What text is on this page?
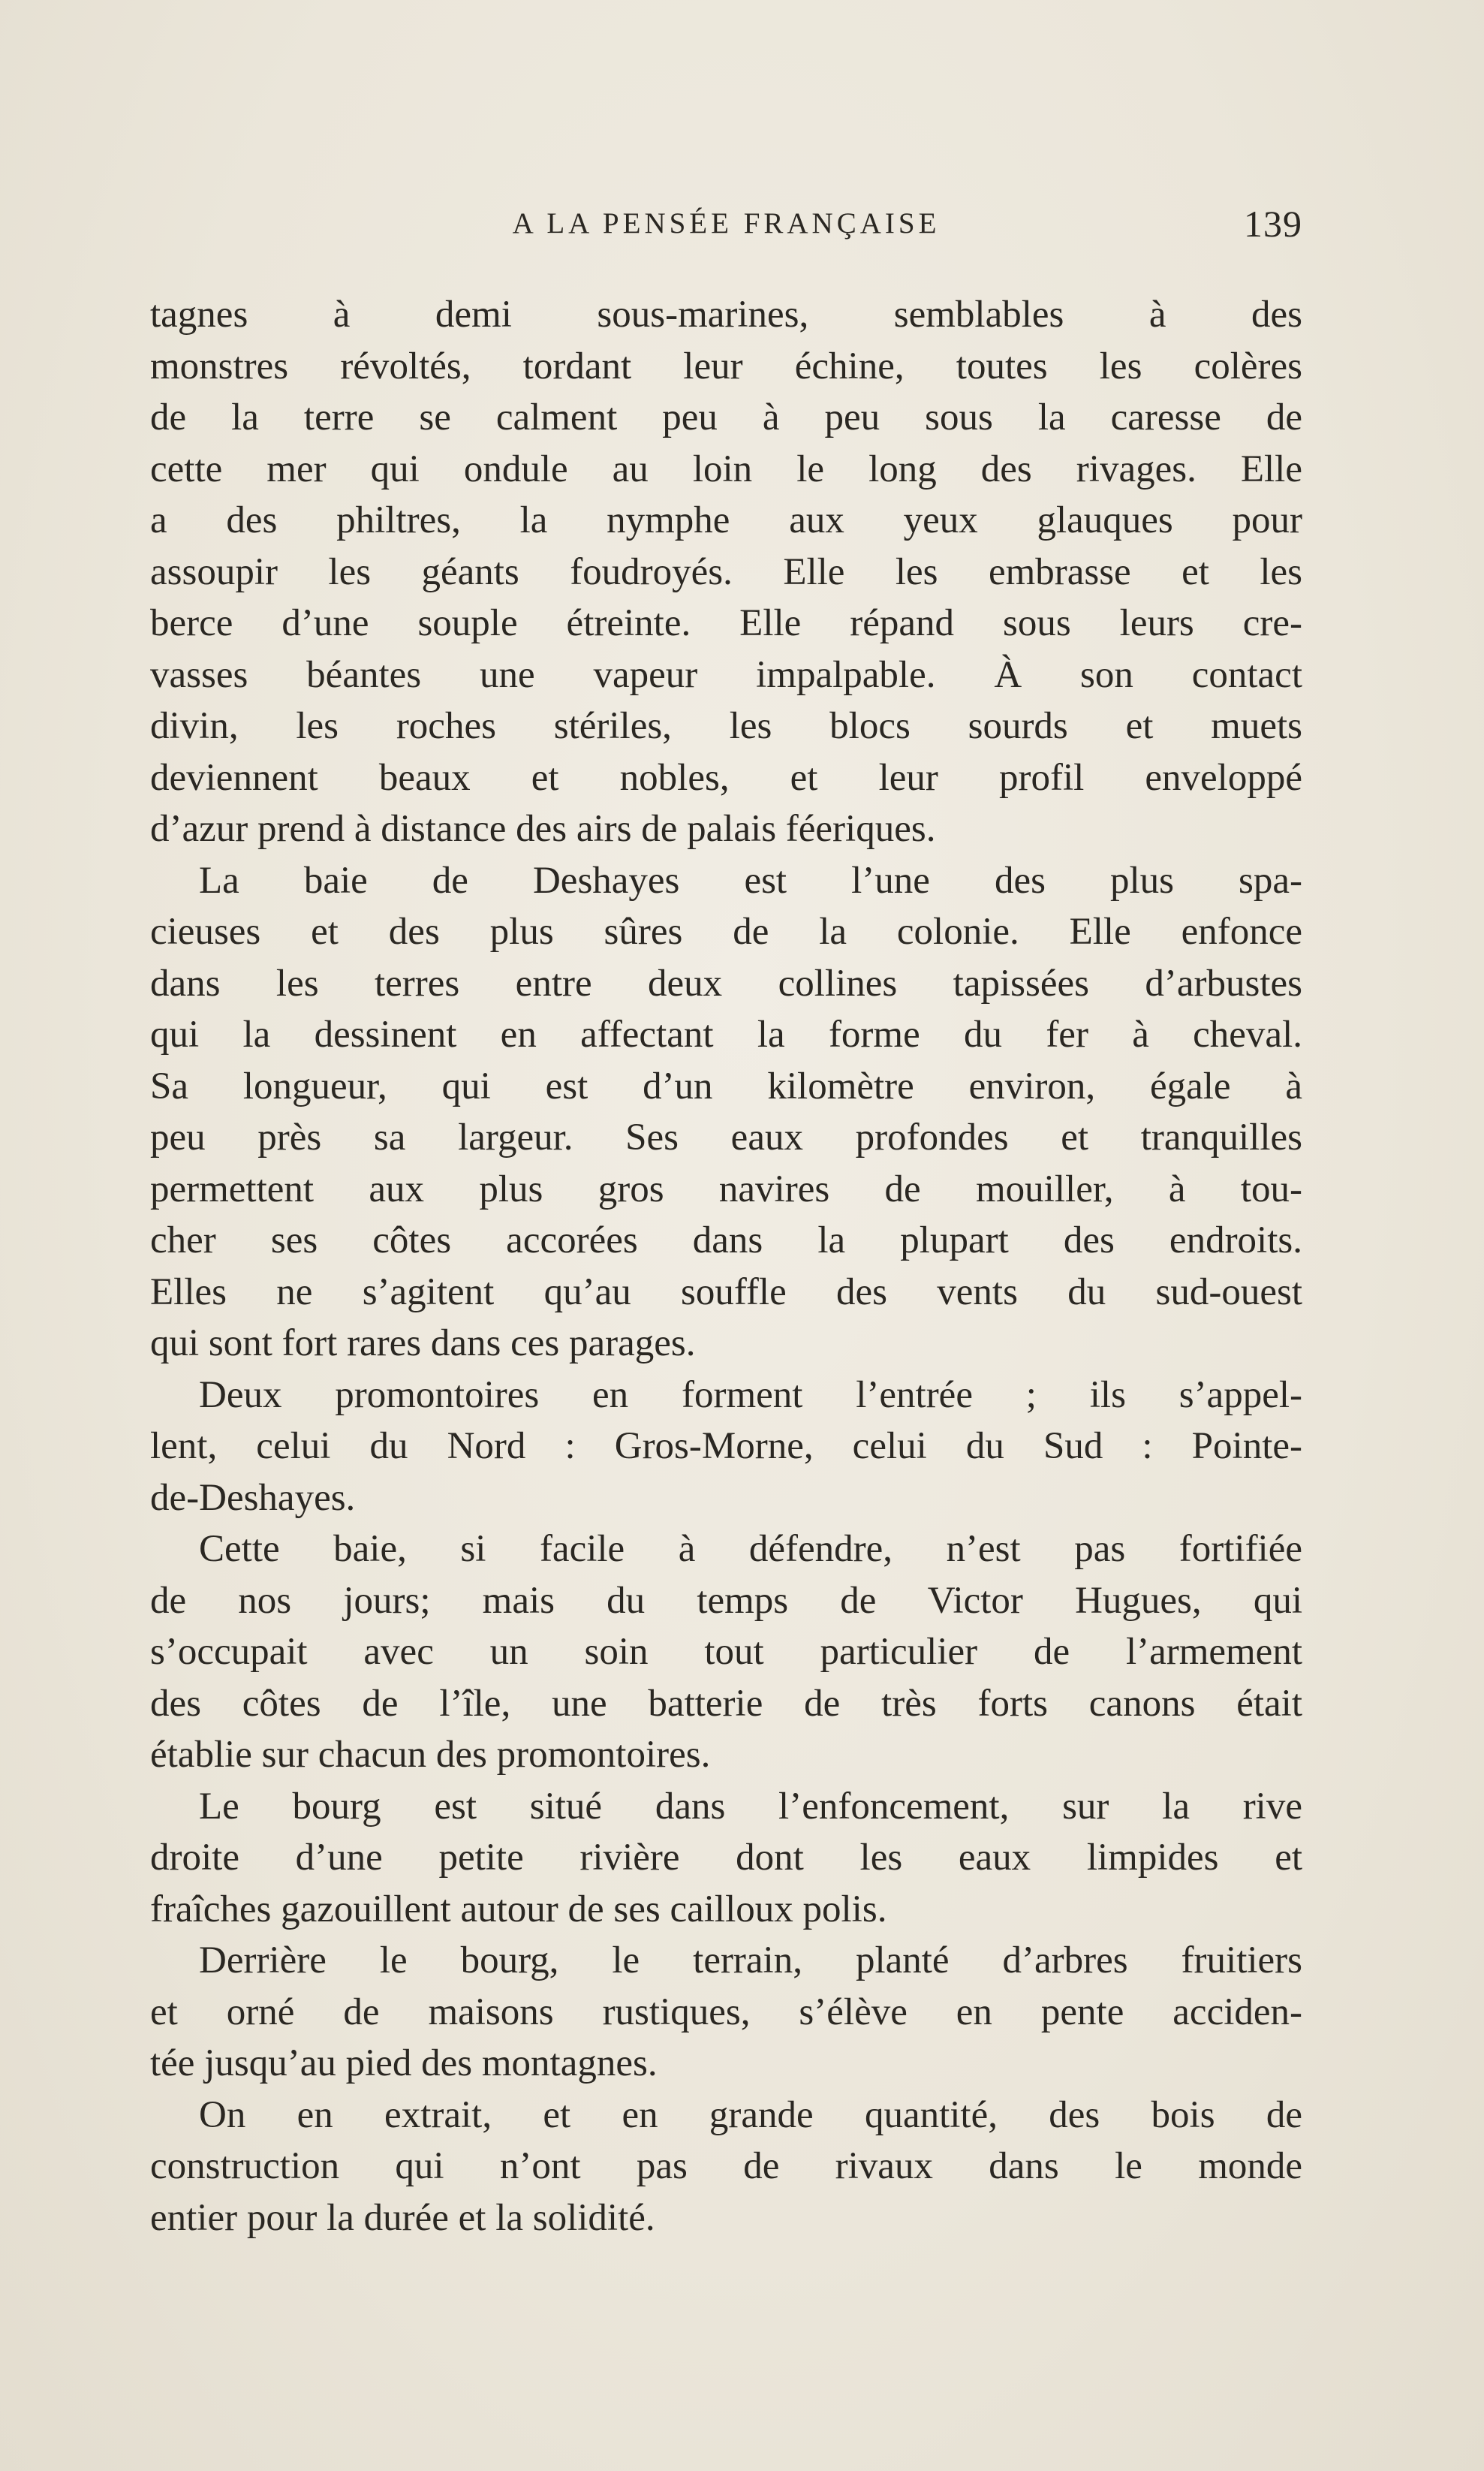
A LA PENSÉE FRANÇAISE	139
tagnes à demi sous-marines, semblables à des
monstres révoltés, tordant leur échine, toutes les colères
de la terre se calment peu à peu sous la caresse de
cette mer qui ondule au loin le long des rivages. Elle
a des philtres, la nymphe aux yeux glauques pour
assoupir les géants foudroyés. Elle les embrasse et les
berce d’une souple étreinte. Elle répand sous leurs cre-
vasses béantes une vapeur impalpable. À son contact
divin, les roches stériles, les blocs sourds et muets
deviennent beaux et nobles, et leur profil enveloppé
d’azur prend à distance des airs de palais féeriques.
La baie de Deshayes est l’une des plus spa-
cieuses et des plus sûres de la colonie. Elle enfonce
dans les terres entre deux collines tapissées d’arbustes
qui la dessinent en affectant la forme du fer à cheval.
Sa longueur, qui est d’un kilomètre environ, égale à
peu près sa largeur. Ses eaux profondes et tranquilles
permettent aux plus gros navires de mouiller, à tou-
cher ses côtes accorées dans la plupart des endroits.
Elles ne s’agitent qu’au souffle des vents du sud-ouest
qui sont fort rares dans ces parages.
Deux promontoires en forment l’entrée ; ils s’appel-
lent, celui du Nord : Gros-Morne, celui du Sud : Pointe-
de-Deshayes.
Cette baie, si facile à défendre, n’est pas fortifiée
de nos jours; mais du temps de Victor Hugues, qui
s’occupait avec un soin tout particulier de l’armement
des côtes de l’île, une batterie de très forts canons était
établie sur chacun des promontoires.
Le bourg est situé dans l’enfoncement, sur la rive
droite d’une petite rivière dont les eaux limpides et
fraîches gazouillent autour de ses cailloux polis.
Derrière le bourg, le terrain, planté d’arbres fruitiers
et orné de maisons rustiques, s’élève en pente acciden-
tée jusqu’au pied des montagnes.
On en extrait, et en grande quantité, des bois de
construction qui n’ont pas de rivaux dans le monde
entier pour la durée et la solidité.
